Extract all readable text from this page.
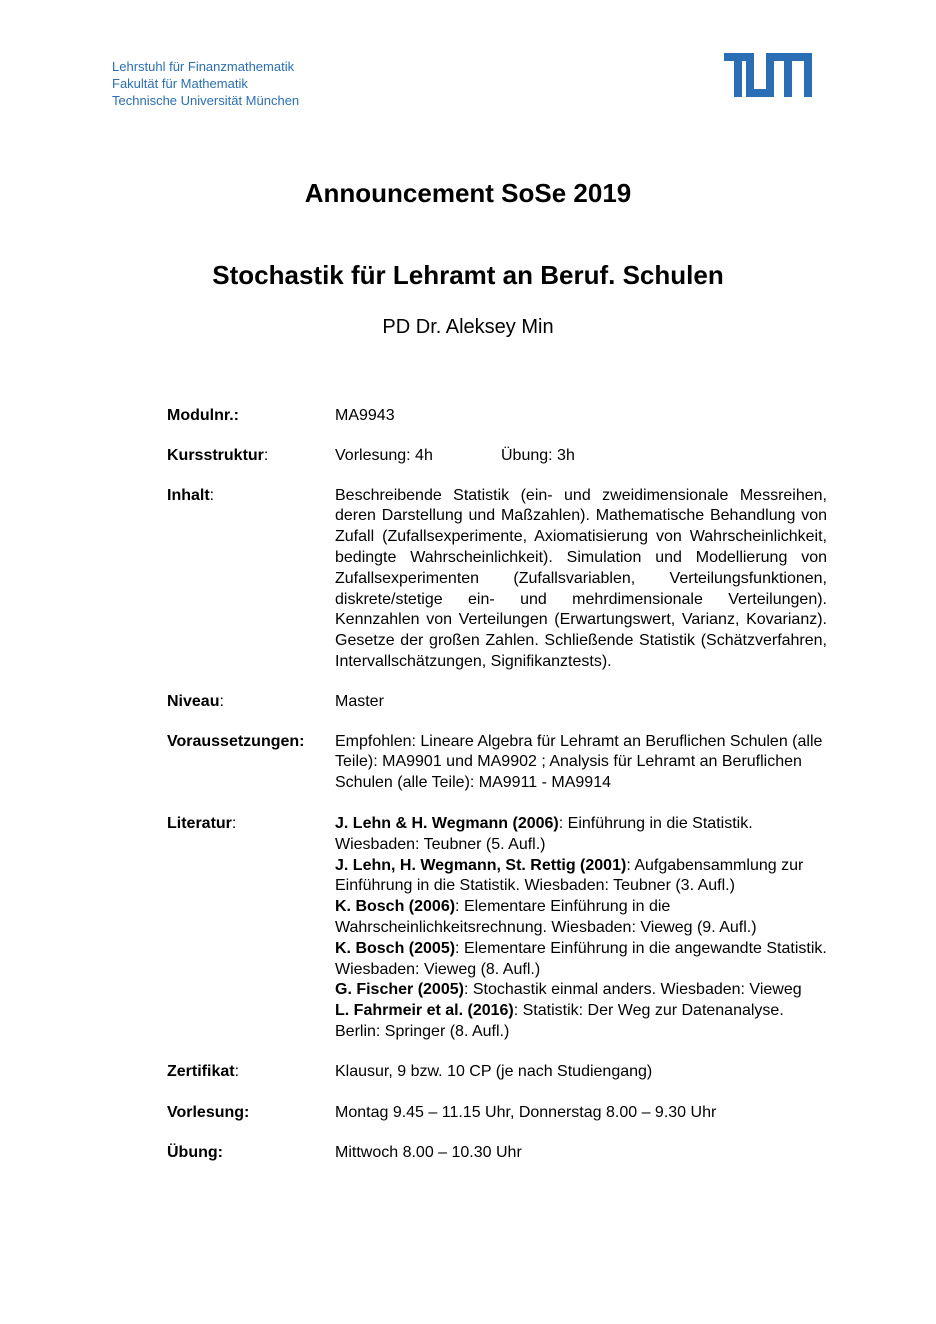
Lehrstuhl für Finanzmathematik
Fakultät für Mathematik
Technische Universität München
Announcement SoSe 2019
Stochastik für Lehramt an Beruf. Schulen
PD Dr. Aleksey Min
Modulnr.:	MA9943
Kursstruktur:	Vorlesung: 4h	Übung: 3h
Inhalt:	Beschreibende Statistik (ein- und zweidimensionale Messreihen, deren Darstellung und Maßzahlen). Mathematische Behandlung von Zufall (Zufallsexperimente, Axiomatisierung von Wahrscheinlichkeit, bedingte Wahrscheinlichkeit). Simulation und Modellierung von Zufallsexperimenten (Zufallsvariablen, Verteilungsfunktionen, diskrete/stetige ein- und mehrdimensionale Verteilungen). Kennzahlen von Verteilungen (Erwartungswert, Varianz, Kovarianz). Gesetze der großen Zahlen. Schließende Statistik (Schätzverfahren, Intervallschätzungen, Signifikanztests).
Niveau:	Master
Voraussetzungen:	Empfohlen: Lineare Algebra für Lehramt an Beruflichen Schulen (alle Teile): MA9901 und MA9902 ; Analysis für Lehramt an Beruflichen Schulen (alle Teile): MA9911 - MA9914
Literatur:	J. Lehn & H. Wegmann (2006): Einführung in die Statistik. Wiesbaden: Teubner (5. Aufl.)
J. Lehn, H. Wegmann, St. Rettig (2001): Aufgabensammlung zur Einführung in die Statistik. Wiesbaden: Teubner (3. Aufl.)
K. Bosch (2006): Elementare Einführung in die Wahrscheinlichkeitsrechnung. Wiesbaden: Vieweg (9. Aufl.)
K. Bosch (2005): Elementare Einführung in die angewandte Statistik. Wiesbaden: Vieweg (8. Aufl.)
G. Fischer (2005): Stochastik einmal anders. Wiesbaden: Vieweg
L. Fahrmeir et al. (2016): Statistik: Der Weg zur Datenanalyse. Berlin: Springer (8. Aufl.)
Zertifikat:	Klausur, 9 bzw. 10 CP (je nach Studiengang)
Vorlesung:	Montag 9.45 – 11.15 Uhr, Donnerstag 8.00 – 9.30 Uhr
Übung:	Mittwoch 8.00 – 10.30 Uhr
